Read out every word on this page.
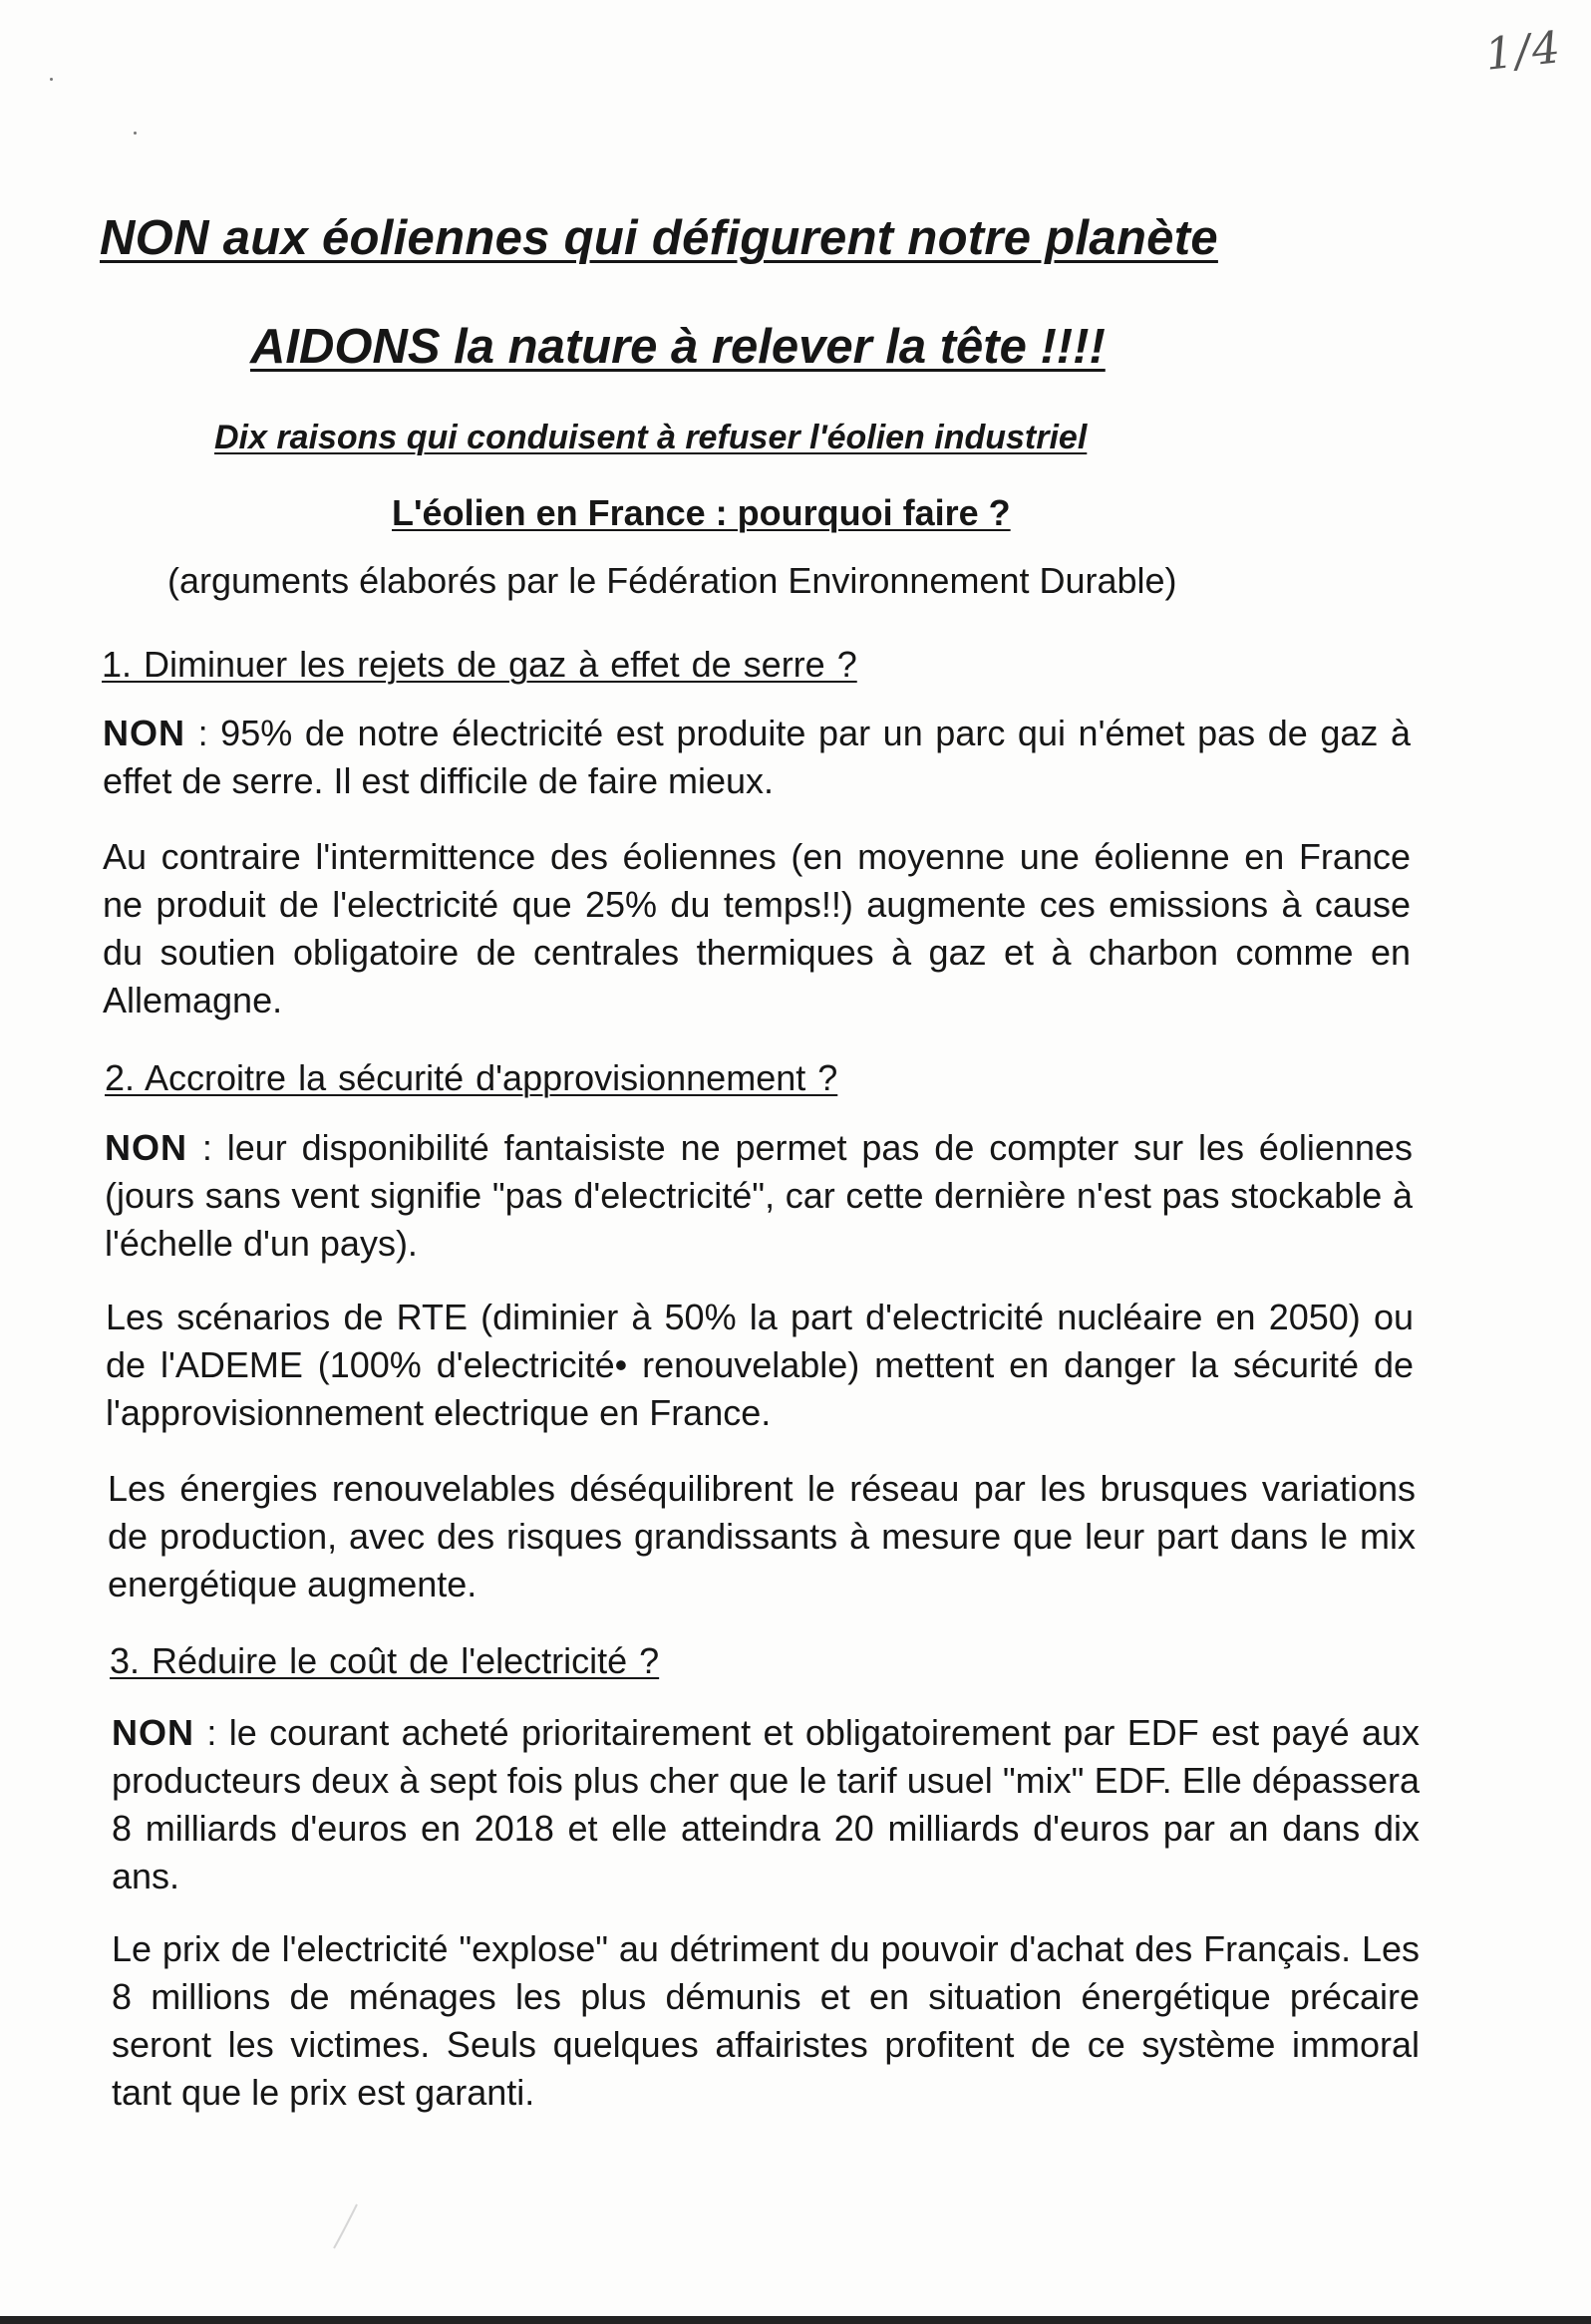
1/4
NON aux éoliennes qui défigurent notre planète
AIDONS la nature à relever la tête !!!!
Dix raisons qui conduisent à refuser l'éolien industriel
L'éolien en France : pourquoi faire ?
(arguments élaborés par le Fédération Environnement Durable)
1. Diminuer les rejets de gaz à effet de serre ?
NON : 95% de notre électricité est produite par un parc qui n'émet pas de gaz à effet de serre. Il est difficile de faire mieux.
Au contraire l'intermittence des éoliennes (en moyenne une éolienne en France ne produit de l'electricité que 25% du temps!!) augmente ces emissions à cause du soutien obligatoire de centrales thermiques à gaz et à charbon comme en Allemagne.
2. Accroitre la sécurité d'approvisionnement ?
NON : leur disponibilité fantaisiste ne permet pas de compter sur les éoliennes (jours sans vent signifie "pas d'electricité", car cette dernière n'est pas stockable à l'échelle d'un pays).
Les scénarios de RTE (diminier à 50% la part d'electricité nucléaire en 2050) ou de l'ADEME (100% d'electricité• renouvelable) mettent en danger la sécurité de l'approvisionnement electrique en France.
Les énergies renouvelables déséquilibrent le réseau par les brusques variations de production, avec des risques grandissants à mesure que leur part dans le mix energétique augmente.
3. Réduire le coût de l'electricité ?
NON : le courant acheté prioritairement et obligatoirement par EDF est payé aux producteurs deux à sept fois plus cher que le tarif usuel "mix" EDF. Elle dépassera 8 milliards d'euros en 2018 et elle atteindra 20 milliards d'euros par an dans dix ans.
Le prix de l'electricité "explose" au détriment du pouvoir d'achat des Français. Les 8 millions de ménages les plus démunis et en situation énergétique précaire seront les victimes. Seuls quelques affairistes profitent de ce système immoral tant que le prix est garanti.
